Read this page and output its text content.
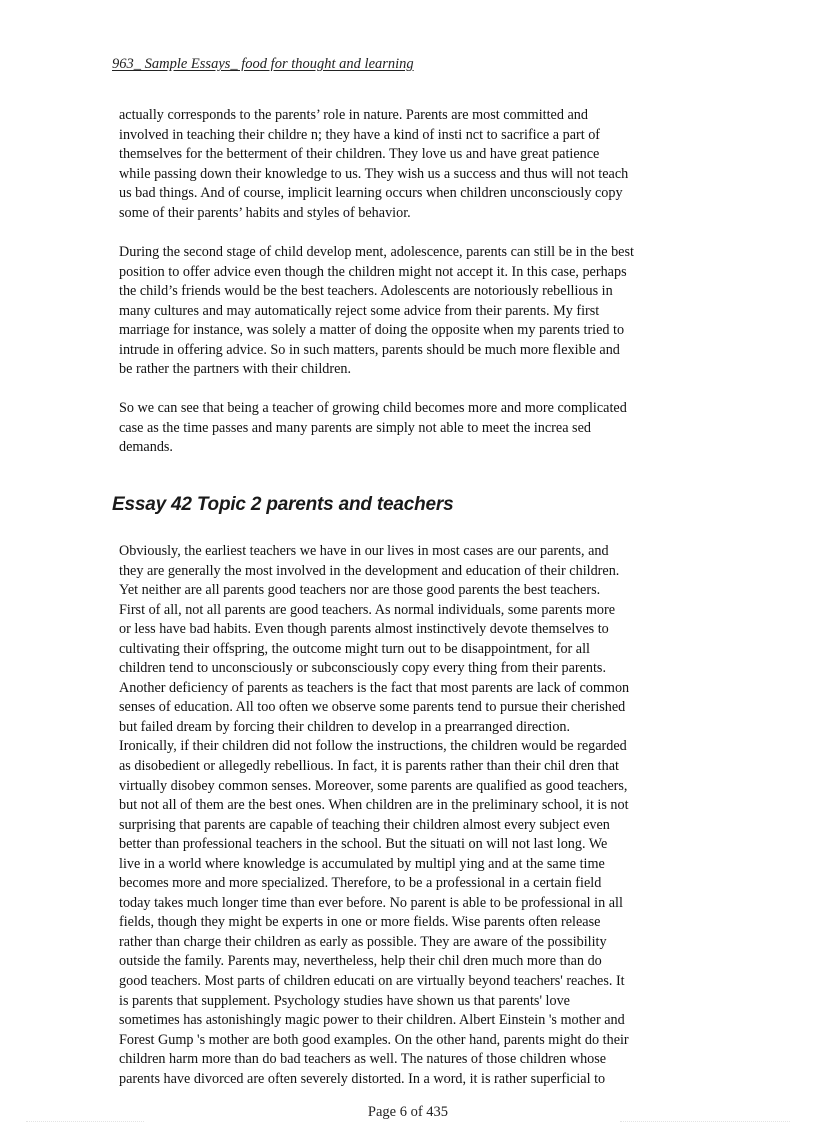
963_ Sample Essays_ food for thought and learning
actually corresponds to the parents’ role in nature. Parents are most committed and
involved in teaching their childre n; they have a kind of insti nct to sacrifice a part of
themselves for the betterment of their children. They love us and have great patience
while passing down their knowledge to us. They wish us a success and thus will not teach
us bad things. And of course, implicit learning occurs when children unconsciously copy
some of their parents’ habits and styles of behavior.
During the second stage of child develop ment, adolescence, parents can still be in the best
position to offer advice even though the children might not accept it. In this case, perhaps
the child’s friends would be the best teachers. Adolescents are notoriously rebellious in
many cultures and may automatically reject some advice from their parents. My first
marriage for instance, was solely a matter of doing the opposite when my parents tried to
intrude in offering advice. So in such matters, parents should be much more flexible and
be rather the partners with their children.
So we can see that being a teacher of growing child becomes more and more complicated
case as the time passes and many parents are simply not able to meet the increa sed
demands.
Essay 42 Topic 2 parents and teachers
Obviously, the earliest teachers we have in our lives in most cases are our parents, and
they are generally the most involved in the development and education of their children.
Yet neither are all parents good teachers nor are those good parents the best teachers.
First of all, not all parents are good teachers. As normal individuals, some parents more
or less have bad habits. Even though parents almost instinctively devote themselves to
cultivating their offspring, the outcome might turn out to be disappointment, for all
children tend to unconsciously or subconsciously copy every thing from their parents.
Another deficiency of parents as teachers is the fact that most parents are lack of common
senses of education. All too often we observe some parents tend to pursue their cherished
but failed dream by forcing their children to develop in a prearranged direction.
Ironically, if their children did not follow the instructions, the children would be regarded
as disobedient or allegedly rebellious. In fact, it is parents rather than their chil dren that
virtually disobey common senses. Moreover, some parents are qualified as good teachers,
but not all of them are the best ones. When children are in the preliminary school, it is not
surprising that parents are capable of teaching their children almost every subject even
better than professional teachers in the school. But the situati on will not last long. We
live in a world where knowledge is accumulated by multipl ying and at the same time
becomes more and more specialized. Therefore, to be a professional in a certain field
today takes much longer time than ever before. No parent is able to be professional in all
fields, though they might be experts in one or more fields. Wise parents often release
rather than charge their children as early as possible. They are aware of the possibility
outside the family. Parents may, nevertheless, help their chil dren much more than do
good teachers. Most parts of children educati on are virtually beyond teachers' reaches. It
is parents that supplement. Psychology studies have shown us that parents' love
sometimes has astonishingly magic power to their children. Albert Einstein 's mother and
Forest Gump 's mother are both good examples. On the other hand, parents might do their
children harm more than do bad teachers as well. The natures of those children whose
parents have divorced are often severely distorted. In a word, it is rather superficial to
Page 6 of 435
